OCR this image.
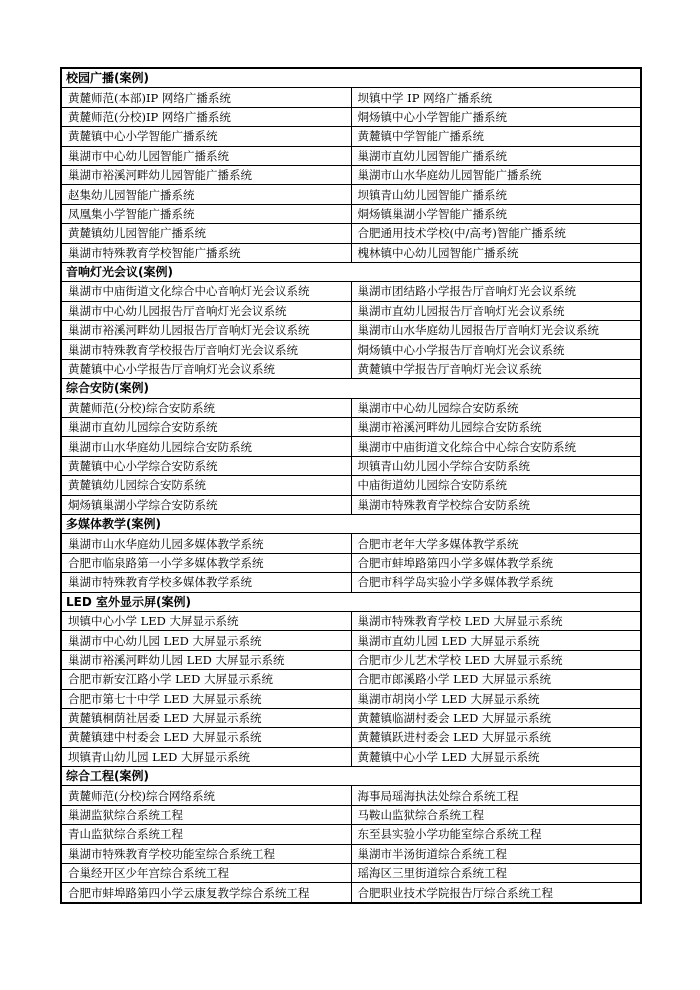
校园广播(案例)	
黄麓师范(本部)IP 网络广播系统	坝镇中学 IP 网络广播系统
黄麓师范(分校)IP 网络广播系统	烔炀镇中心小学智能广播系统
黄麓镇中心小学智能广播系统	黄麓镇中学智能广播系统
巢湖市中心幼儿园智能广播系统	巢湖市直幼儿园智能广播系统
巢湖市裕溪河畔幼儿园智能广播系统	巢湖市山水华庭幼儿园智能广播系统
赵集幼儿园智能广播系统	坝镇青山幼儿园智能广播系统
凤凰集小学智能广播系统	烔炀镇巢湖小学智能广播系统
黄麓镇幼儿园智能广播系统	合肥通用技术学校(中/高考)智能广播系统
巢湖市特殊教育学校智能广播系统	槐林镇中心幼儿园智能广播系统
音响灯光会议(案例)	
巢湖市中庙街道文化综合中心音响灯光会议系统	巢湖市团结路小学报告厅音响灯光会议系统
巢湖市中心幼儿园报告厅音响灯光会议系统	巢湖市直幼儿园报告厅音响灯光会议系统
巢湖市裕溪河畔幼儿园报告厅音响灯光会议系统	巢湖市山水华庭幼儿园报告厅音响灯光会议系统
巢湖市特殊教育学校报告厅音响灯光会议系统	烔炀镇中心小学报告厅音响灯光会议系统
黄麓镇中心小学报告厅音响灯光会议系统	黄麓镇中学报告厅音响灯光会议系统
综合安防(案例)	
黄麓师范(分校)综合安防系统	巢湖市中心幼儿园综合安防系统
巢湖市直幼儿园综合安防系统	巢湖市裕溪河畔幼儿园综合安防系统
巢湖市山水华庭幼儿园综合安防系统	巢湖市中庙街道文化综合中心综合安防系统
黄麓镇中心小学综合安防系统	坝镇青山幼儿园小学综合安防系统
黄麓镇幼儿园综合安防系统	中庙街道幼儿园综合安防系统
烔炀镇巢湖小学综合安防系统	巢湖市特殊教育学校综合安防系统
多媒体教学(案例)	
巢湖市山水华庭幼儿园多媒体教学系统	合肥市老年大学多媒体教学系统
合肥市临泉路第一小学多媒体教学系统	合肥市蚌埠路第四小学多媒体教学系统
巢湖市特殊教育学校多媒体教学系统	合肥市科学岛实验小学多媒体教学系统
LED 室外显示屏(案例)	
坝镇中心小学 LED 大屏显示系统	巢湖市特殊教育学校 LED 大屏显示系统
巢湖市中心幼儿园 LED 大屏显示系统	巢湖市直幼儿园 LED 大屏显示系统
巢湖市裕溪河畔幼儿园 LED 大屏显示系统	合肥市少儿艺术学校 LED 大屏显示系统
合肥市新安江路小学 LED 大屏显示系统	合肥市郎溪路小学 LED 大屏显示系统
合肥市第七十中学 LED 大屏显示系统	巢湖市胡岗小学 LED 大屏显示系统
黄麓镇桐荫社居委 LED 大屏显示系统	黄麓镇临湖村委会 LED 大屏显示系统
黄麓镇建中村委会 LED 大屏显示系统	黄麓镇跃进村委会 LED 大屏显示系统
坝镇青山幼儿园 LED 大屏显示系统	黄麓镇中心小学 LED 大屏显示系统
综合工程(案例)	
黄麓师范(分校)综合网络系统	海事局瑶海执法处综合系统工程
巢湖监狱综合系统工程	马鞍山监狱综合系统工程
青山监狱综合系统工程	东至县实验小学功能室综合系统工程
巢湖市特殊教育学校功能室综合系统工程	巢湖市半汤街道综合系统工程
合巢经开区少年宫综合系统工程	瑶海区三里街道综合系统工程
合肥市蚌埠路第四小学云康复教学综合系统工程	合肥职业技术学院报告厅综合系统工程
